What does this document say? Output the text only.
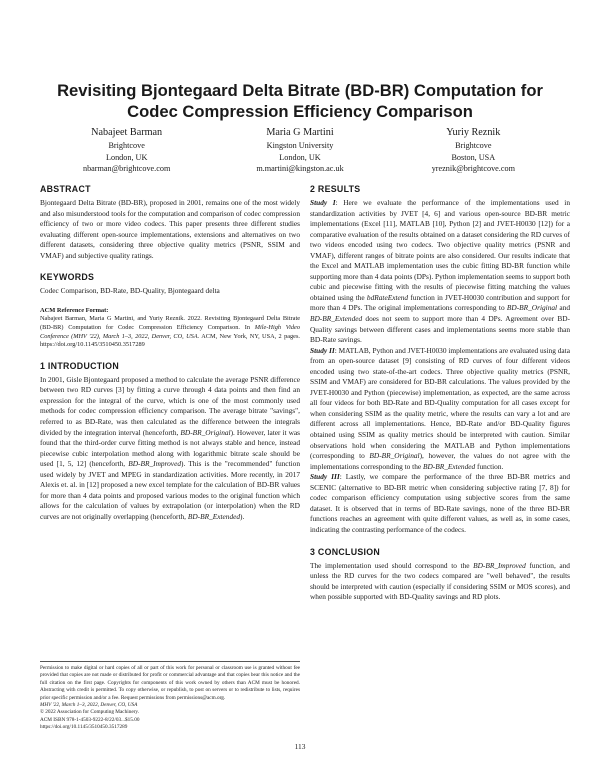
Revisiting Bjontegaard Delta Bitrate (BD-BR) Computation for Codec Compression Efficiency Comparison
Nabajeet Barman
Brightcove
London, UK
nbarman@brightcove.com
Maria G Martini
Kingston University
London, UK
m.martini@kingston.ac.uk
Yuriy Reznik
Brightcove
Boston, USA
yreznik@brightcove.com
ABSTRACT

Bjontegaard Delta Bitrate (BD-BR), proposed in 2001, remains one of the most widely and also misunderstood tools for the computation and comparison of codec compression efficiency of two or more video codecs. This paper presents three different studies evaluating different open-source implementations, extensions and alternatives on two different datasets, considering three objective quality metrics (PSNR, SSIM and VMAF) and subjective quality ratings.

KEYWORDS

Codec Comparison, BD-Rate, BD-Quality, Bjontegaard delta

ACM Reference Format:

Nabajeet Barman, Maria G Martini, and Yuriy Reznik. 2022. Revisiting Bjontegaard Delta Bitrate (BD-BR) Computation for Codec Compression Efficiency Comparison. In Mile-High Video Conference (MHV '22), March 1–3, 2022, Denver, CO, USA. ACM, New York, NY, USA, 2 pages. https://doi.org/10.1145/3510450.3517289

1 INTRODUCTION

In 2001, Gisle Bjontegaard proposed a method to calculate the average PSNR difference between two RD curves [3] by fitting a curve through 4 data points and then find an expression for the integral of the curve, which is one of the most commonly used methods for codec compression efficiency comparison. The average bitrate "savings", referred to as BD-Rate, was then calculated as the difference between the integrals divided by the integration interval (henceforth, BD-BR_Original). However, later it was found that the third-order curve fitting method is not always stable and hence, instead piecewise cubic interpolation method along with logarithmic bitrate scale should be used [1, 5, 12] (henceforth, BD-BR_Improved). This is the "recommended" function used widely by JVET and MPEG in standardization activities. More recently, in 2017 Alexis et. al. in [12] proposed a new excel template for the calculation of BD-BR values for more than 4 data points and proposed various modes to the original function which allows for the calculation of values by extrapolation (or interpolation) when the RD curves are not originally overlapping (henceforth, BD-BR_Extended).

Permission to make digital or hard copies of all or part of this work for personal or classroom use is granted without fee provided that copies are not made or distributed for profit or commercial advantage and that copies bear this notice and the full citation on the first page. Copyrights for components of this work owned by others than ACM must be honored. Abstracting with credit is permitted. To copy otherwise, or republish, to post on servers or to redistribute to lists, requires prior specific permission and/or a fee. Request permissions from permissions@acm.org.

MHV '22, March 1–3, 2022, Denver, CO, USA

© 2022 Association for Computing Machinery.

ACM ISBN 978-1-4503-9222-8/22/03...$15.00

https://doi.org/10.1145/3510450.3517289

2 RESULTS

Study I: Here we evaluate the performance of the implementations used in standardization activities by JVET [4, 6] and various open-source BD-BR metric implementations (Excel [11], MATLAB [10], Python [2] and JVET-H0030 [12]) for a comparative evaluation of the results obtained on a dataset considering the RD curves of two videos encoded using two codecs. Two objective quality metrics (PSNR and VMAF), different ranges of bitrate points are also considered. Our results indicate that the Excel and MATLAB implementation uses the cubic fitting BD-BR function while supporting more than 4 data points (DPs). Python implementation seems to support both cubic and piecewise fitting with the results of piecewise fitting matching the values obtained using the bdRateExtend function in JVET-H0030 contribution and support for more than 4 DPs. The original implementations corresponding to BD-BR_Original and BD-BR_Extended does not seem to support more than 4 DPs. Agreement over BD-Quality savings between different cases and implementations seems more stable than BD-Rate savings.

Study II: MATLAB, Python and JVET-H0030 implementations are evaluated using data from an open-source dataset [9] consisting of RD curves of four different videos encoded using two state-of-the-art codecs. Three objective quality metrics (PSNR, SSIM and VMAF) are considered for BD-BR calculations. The values provided by the JVET-H0030 and Python (piecewise) implementation, as expected, are the same across all four videos for both BD-Rate and BD-Quality computation for all cases except for when considering SSIM as the quality metric, where the results can vary a lot and are different across all implementations. Hence, BD-Rate and/or BD-Quality figures obtained using SSIM as quality metrics should be interpreted with caution. Similar observations hold when considering the MATLAB and Python implementations (corresponding to BD-BR_Original), however, the values do not agree with the implementations corresponding to the BD-BR_Extended function.

Study III: Lastly, we compare the performance of the three BD-BR metrics and SCENIC (alternative to BD-BR metric when considering subjective rating [7, 8]) for codec comparison efficiency computation using subjective scores from the same dataset. It is observed that in terms of BD-Rate savings, none of the three BD-BR functions reaches an agreement with quite different values, as well as, in some cases, indicating the contrasting performance of the codecs.

3 CONCLUSION

The implementation used should correspond to the BD-BR_Improved function, and unless the RD curves for the two codecs compared are "well behaved", the results should be interpreted with caution (especially if considering SSIM or MOS scores), and when possible supported with BD-Quality savings and RD plots.

113
